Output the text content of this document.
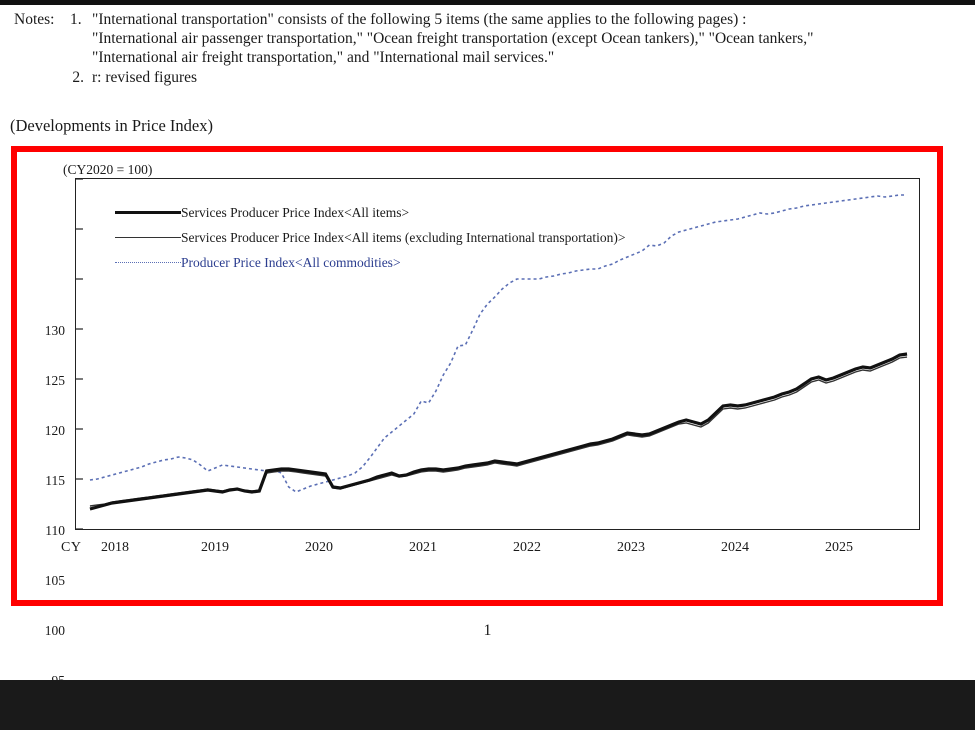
Notes:	1. "International transportation" consists of the following 5 items (the same applies to the following pages) :
"International air passenger transportation," "Ocean freight transportation (except Ocean tankers)," "Ocean tankers,"
"International air freight transportation," and "International mail services."
2. r: revised figures
(Developments in Price Index)
(CY2020 = 100)
130
125
120
115
110
105
100
Services Producer Price Index<All items>
Services Producer Price Index<All items (excluding International transportation)>
Producer Price Index<All commodities>
CY	2018	2019	2020	2021	2022	2023	2024	2025
1
